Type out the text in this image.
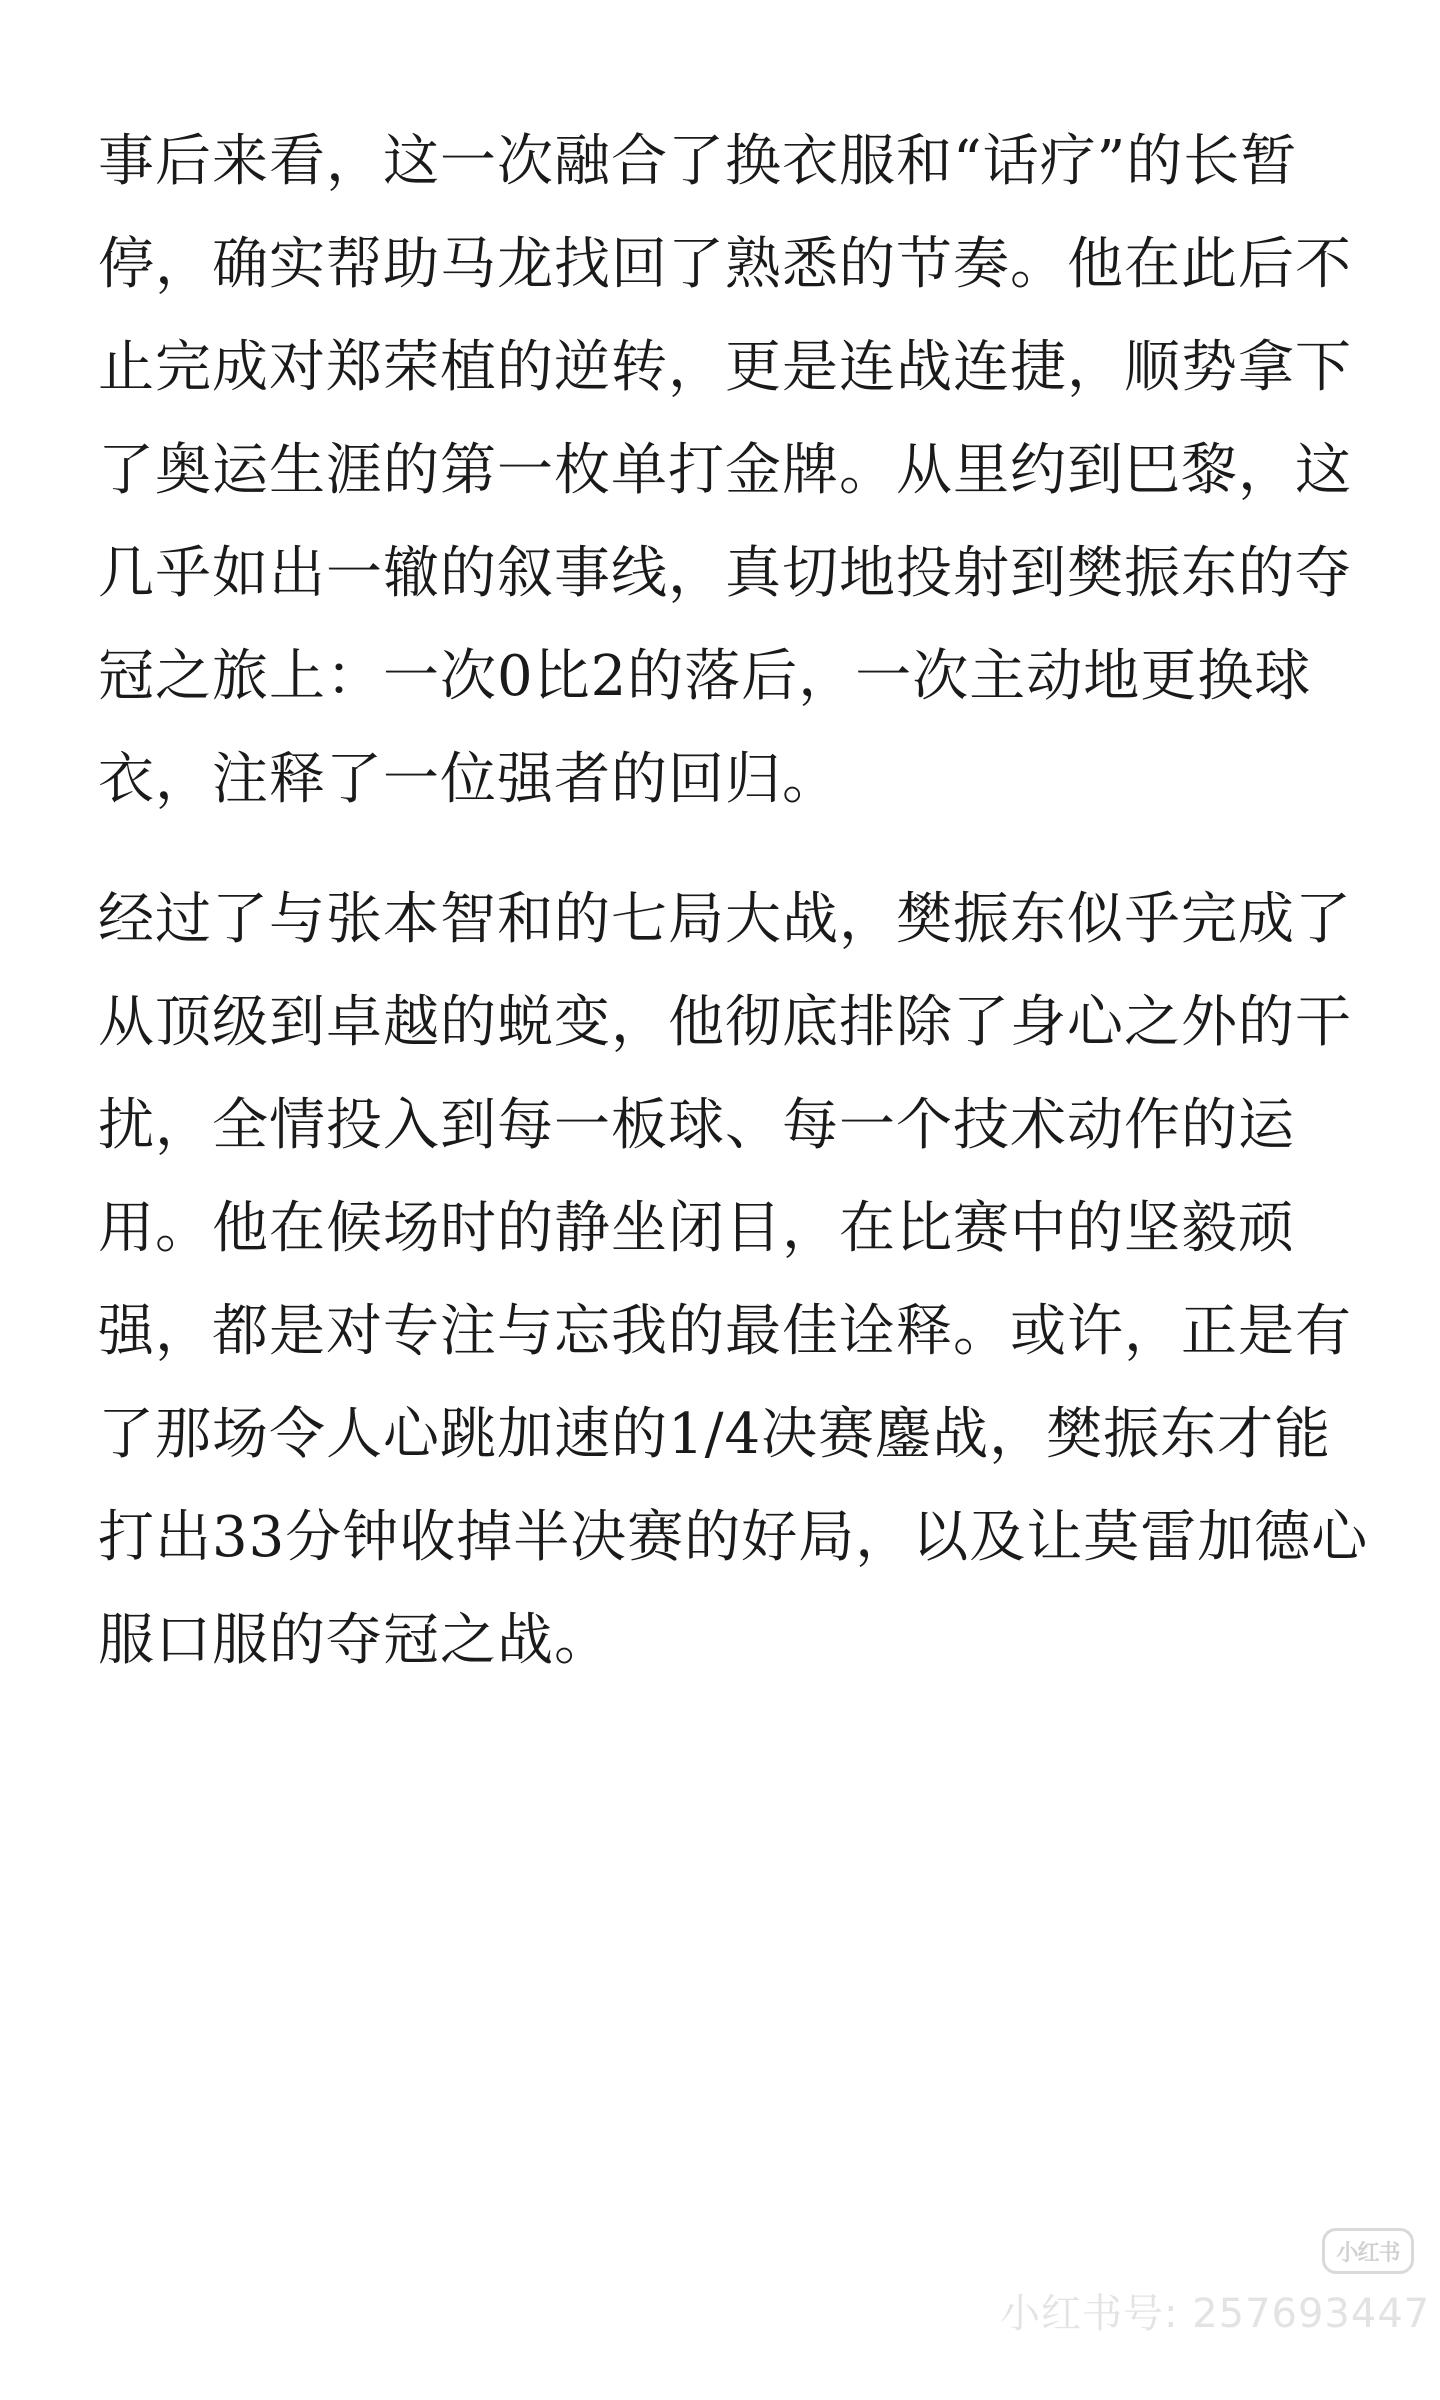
事后来看，这一次融合了换衣服和“话疗”的长暂
停，确实帮助马龙找回了熟悉的节奏。他在此后不
止完成对郑荣植的逆转，更是连战连捷，顺势拿下
了奥运生涯的第一枚单打金牌。从里约到巴黎，这
几乎如出一辙的叙事线，真切地投射到樊振东的夺
冠之旅上：一次0比2的落后，一次主动地更换球
衣，注释了一位强者的回归。

经过了与张本智和的七局大战，樊振东似乎完成了
从顶级到卓越的蜕变，他彻底排除了身心之外的干
扰，全情投入到每一板球、每一个技术动作的运
用。他在候场时的静坐闭目，在比赛中的坚毅顽
强，都是对专注与忘我的最佳诠释。或许，正是有
了那场令人心跳加速的1/4决赛鏖战，樊振东才能
打出33分钟收掉半决赛的好局，以及让莫雷加德心
服口服的夺冠之战。

小红书
小红书号: 257693447
